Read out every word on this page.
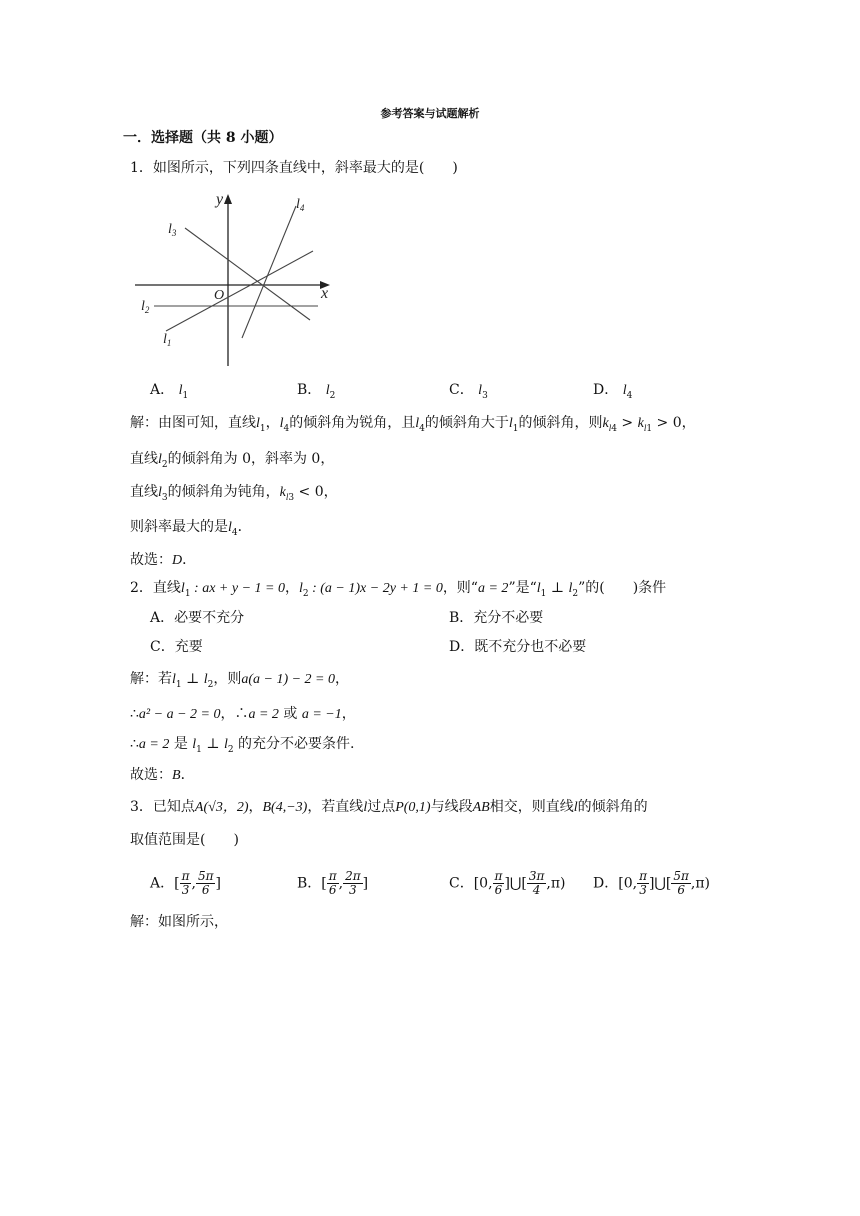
参考答案与试题解析
一．选择题（共 8 小题）
1．如图所示，下列四条直线中，斜率最大的是(　　)
y
x
O
$l_3$
$l_4$
$l_2$
$l_1$
A． $l_1$	B． $l_2$	C． $l_3$	D． $l_4$
解：由图可知，直线$l_1$，$l_4$的倾斜角为锐角，且$l_4$的倾斜角大于$l_1$的倾斜角，则$k_{l4} > k_{l1} > 0$，
直线$l_2$的倾斜角为 0，斜率为 0，
直线$l_3$的倾斜角为钝角，$k_{l3} < 0$，
则斜率最大的是$l_4$．
故选：D．
2．直线$l_1$ : ax + y − 1 = 0，$l_2$ : (a − 1)x − 2y + 1 = 0，则“a = 2”是“$l_1$ ⊥ $l_2$”的(　　)条件
A．必要不充分	B．充分不必要
C．充要	D．既不充分也不必要
解：若$l_1$ ⊥ $l_2$，则a(a − 1) − 2 = 0，
∴a² − a − 2 = 0，∴a = 2 或 a = −1，
∴a = 2 是 $l_1$ ⊥ $l_2$ 的充分不必要条件.
故选：B．
3．已知点A(√3，2)，B(4,−3)，若直线l过点P(0,1)与线段AB相交，则直线l的倾斜角的
取值范围是(　　)
A．[ $\frac{\pi}{3}$ , $\frac{5\pi}{6}$ ]	B．[ $\frac{\pi}{6}$ , $\frac{2\pi}{3}$ ]	C．[0, $\frac{\pi}{6}$ ]⋃[ $\frac{3\pi}{4} ,\pi$) D．[0, $\frac{\pi}{3}$ ]⋃[ $\frac{5\pi}{6} ,\pi$)
解：如图所示，
